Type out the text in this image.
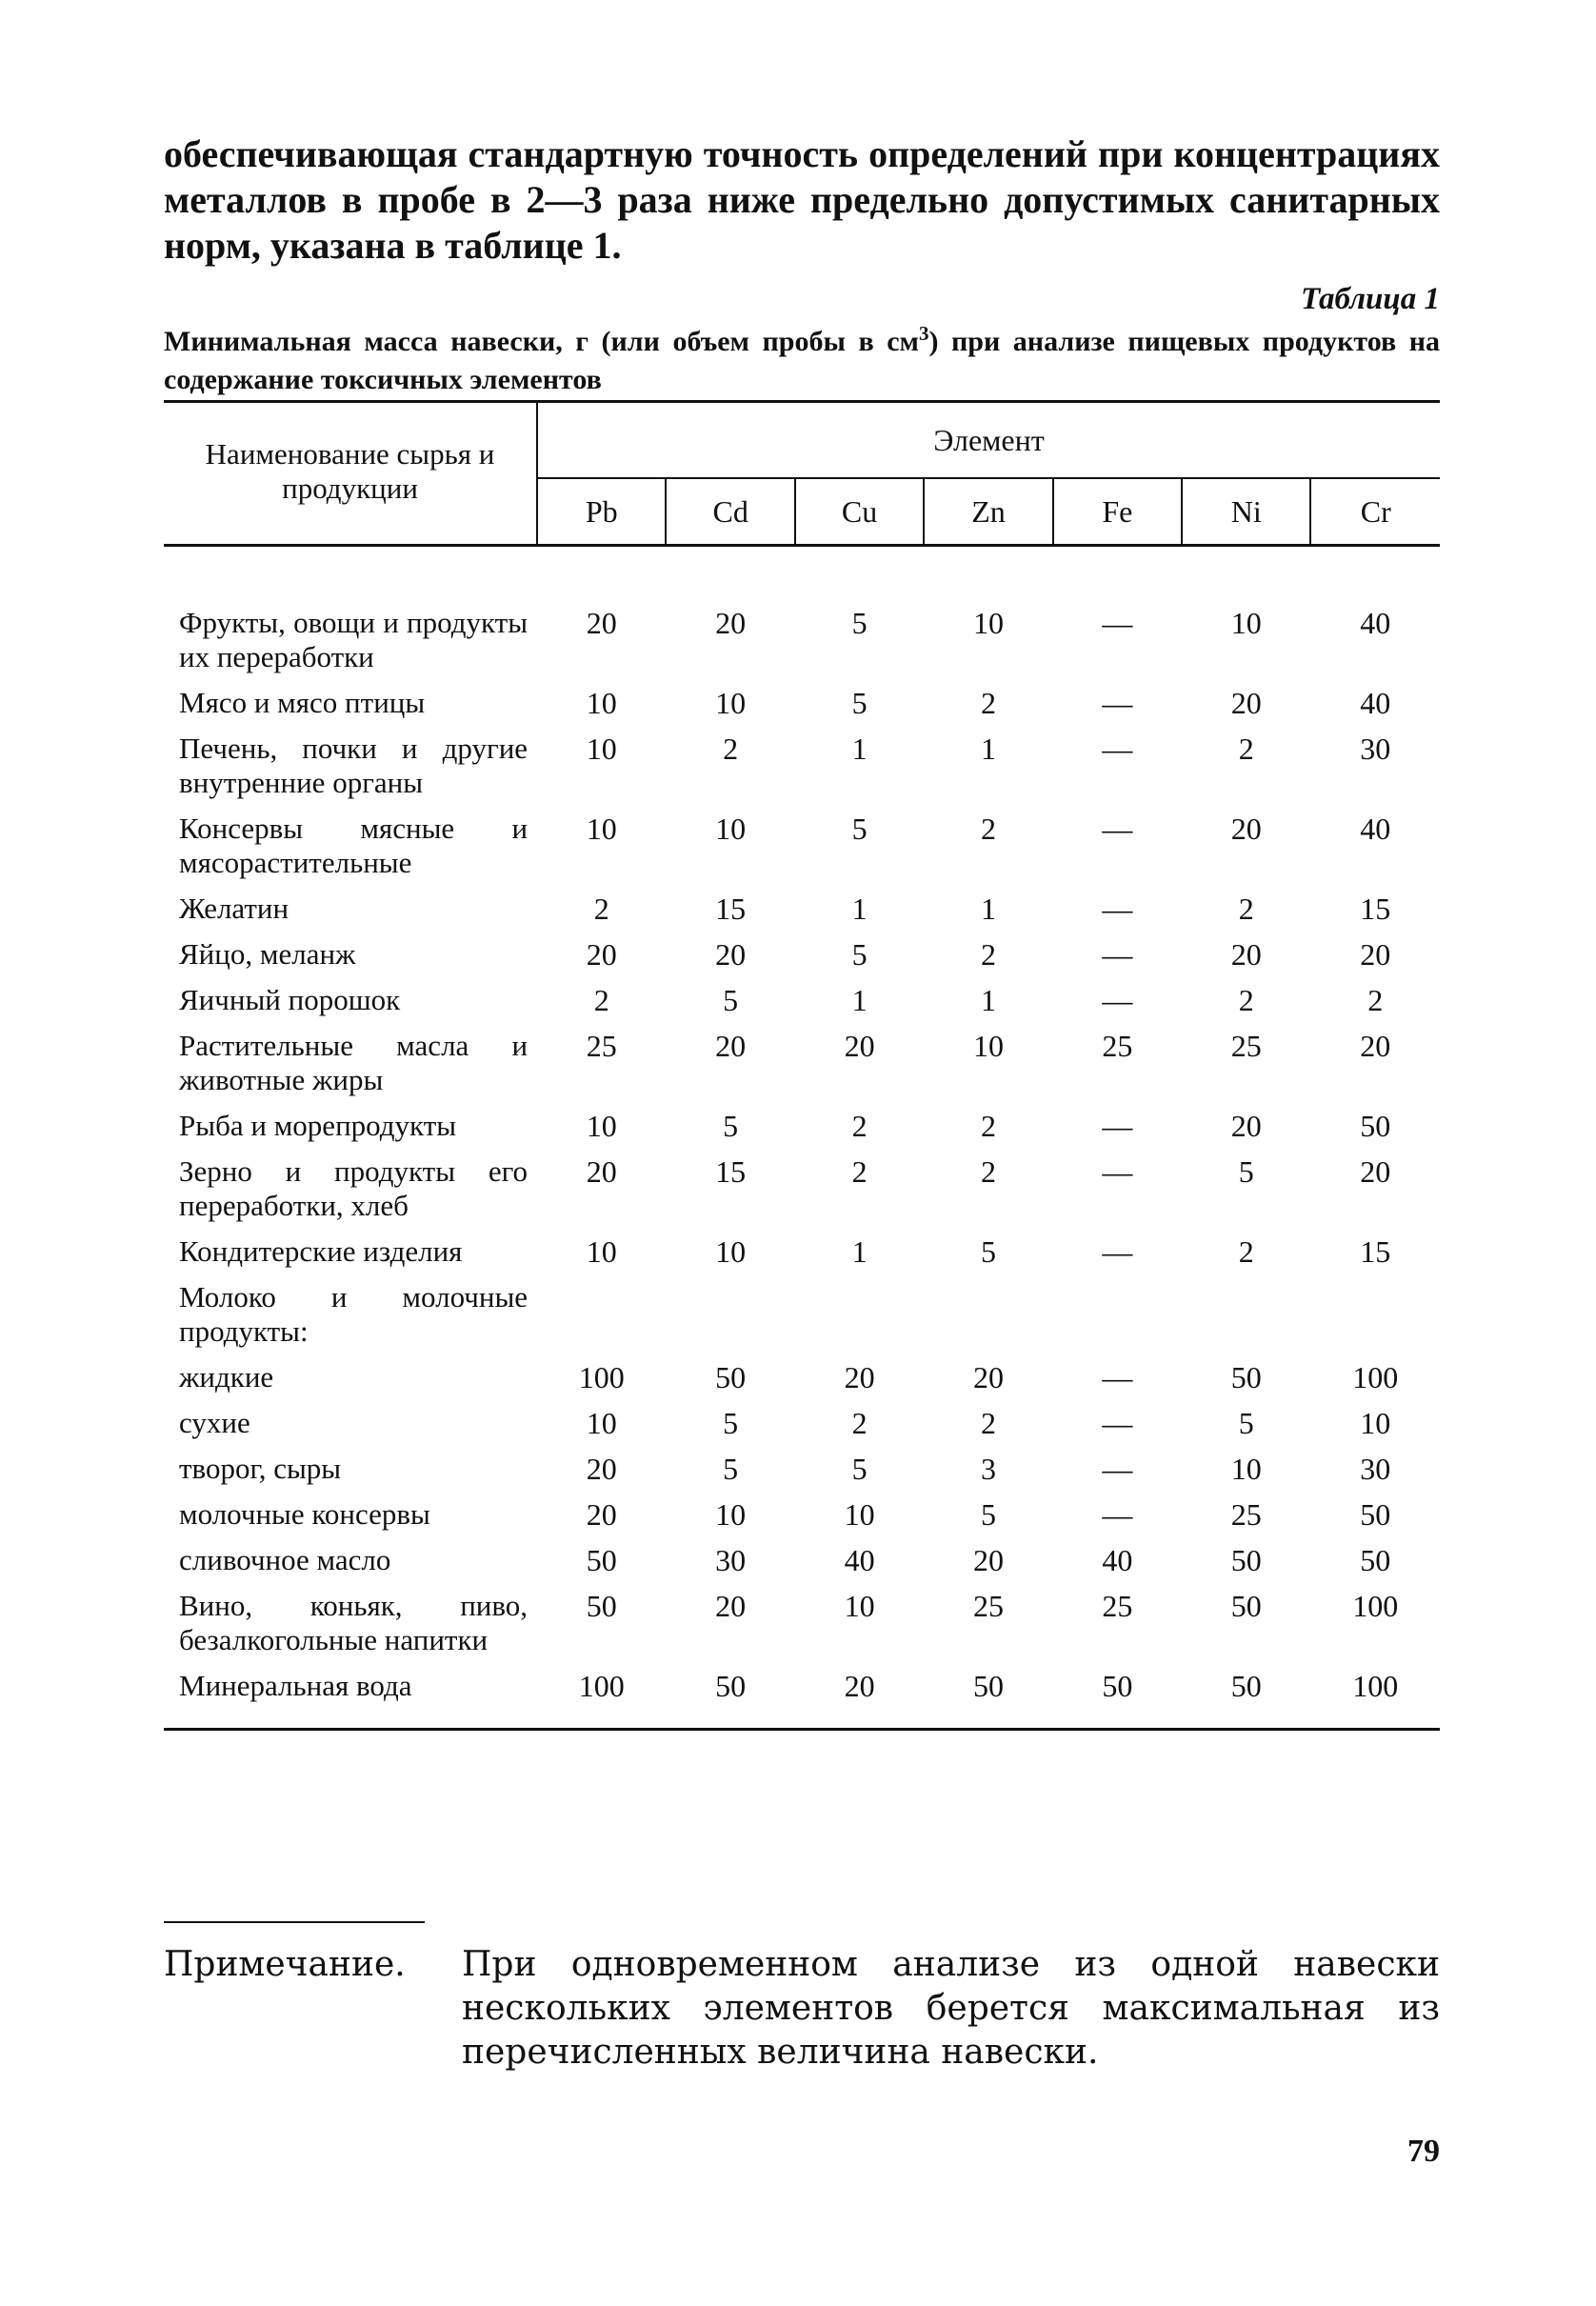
обеспечивающая стандартную точность определений при концентрациях металлов в пробе в 2—3 раза ниже предельно допустимых санитарных норм, указана в таблице 1.

Таблица 1

Минимальная масса навески, г (или объем пробы в $см^3$) при анализе пищевых продуктов на содержание токсичных элементов

Наименование сырья и продукции	Элемент						
	Pb	Cd	Cu	Zn	Fe	Ni	Cr

Фрукты, овощи и продукты их переработки	20	20	5	10	—	10	40
Мясо и мясо птицы	10	10	5	2	—	20	40
Печень, почки и другие внутренние органы	10	2	1	1	—	2	30
Консервы мясные и мясорастительные	10	10	5	2	—	20	40
Желатин	2	15	1	1	—	2	15
Яйцо, меланж	20	20	5	2	—	20	20
Яичный порошок	2	5	1	1	—	2	2
Растительные масла и животные жиры	25	20	20	10	25	25	20
Рыба и морепродукты	10	5	2	2	—	20	50
Зерно и продукты его переработки, хлеб	20	15	2	2	—	5	20
Кондитерские изделия	10	10	1	5	—	2	15
Молоко и молочные продукты:							
жидкие	100	50	20	20	—	50	100
сухие	10	5	2	2	—	5	10
творог, сыры	20	5	5	3	—	10	30
молочные консервы	20	10	10	5	—	25	50
сливочное масло	50	30	40	20	40	50	50
Вино, коньяк, пиво, безалкогольные напитки	50	20	10	25	25	50	100
Минеральная вода	100	50	20	50	50	50	100

Примечание. При одновременном анализе из одной навески нескольких элементов берется максимальная из перечисленных величина навески.

79
